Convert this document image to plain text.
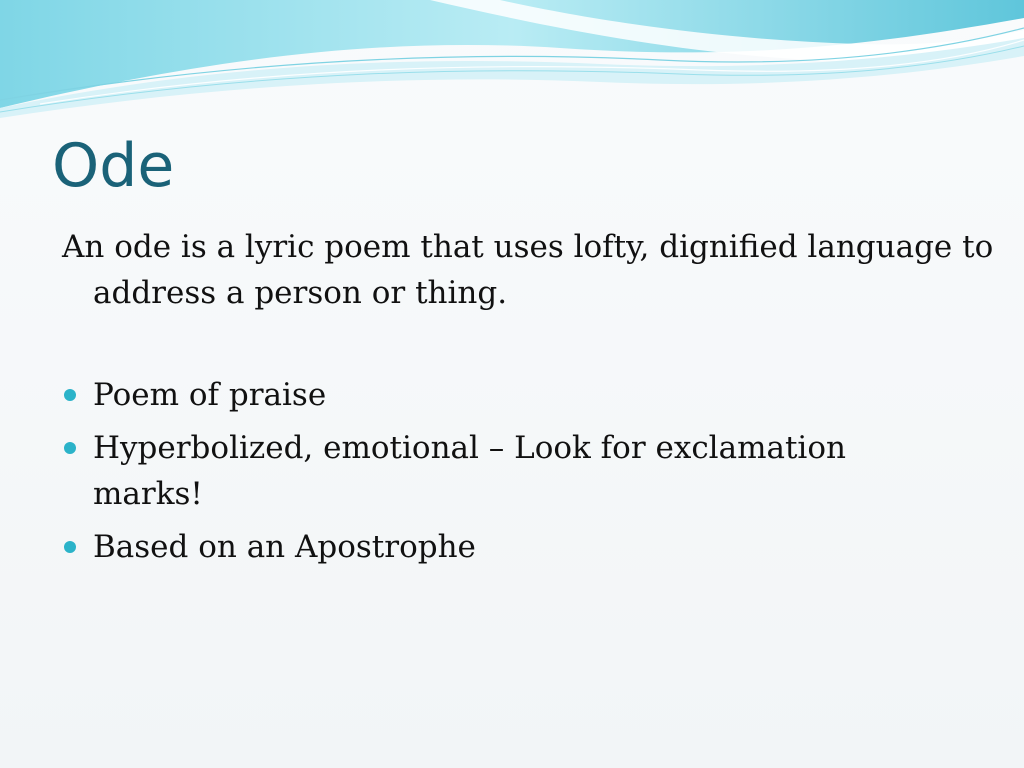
Ode

An ode is a lyric poem that uses lofty, dignified language to address a person or thing.

Poem of praise
Hyperbolized, emotional – Look for exclamation marks!
Based on an Apostrophe
